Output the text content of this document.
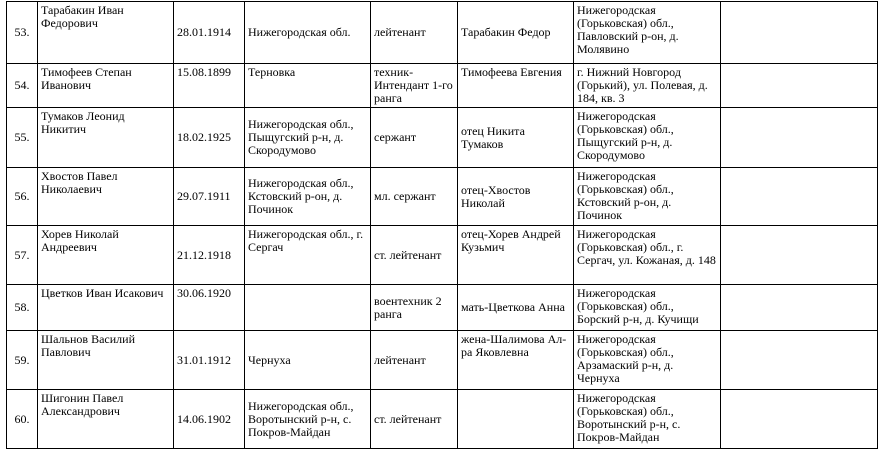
53.	Тарабакин Иван Федорович	28.01.1914	Нижегородская обл.	лейтенант	Тарабакин Федор	Нижегородская (Горьковская) обл., Павловский р-он, д. Молявино	
54.	Тимофеев Степан Иванович	15.08.1899	Терновка	техник-Интендант 1-го ранга	Тимофеева Евгения	г. Нижний Новгород (Горький), ул. Полевая, д. 184, кв. 3	
55.	Тумаков Леонид Никитич	18.02.1925	Нижегородская обл., Пыщугский р-н, д. Скородумово	сержант	отец Никита Тумаков	Нижегородская (Горьковская) обл., Пыщугский р-н, д. Скородумово	
56.	Хвостов Павел Николаевич	29.07.1911	Нижегородская обл., Кстовский р-он, д. Починок	мл. сержант	отец-Хвостов Николай	Нижегородская (Горьковская) обл., Кстовский р-он, д. Починок	
57.	Хорев Николай Андреевич	21.12.1918	Нижегородская обл., г. Сергач	ст. лейтенант	отец-Хорев Андрей Кузьмич	Нижегородская (Горьковская) обл., г. Сергач, ул. Кожаная, д. 148	
58.	Цветков Иван Исакович	30.06.1920		воентехник 2 ранга	мать-Цветкова Анна	Нижегородская (Горьковская) обл., Борский р-н, д. Кучищи	
59.	Шальнов Василий Павлович	31.01.1912	Чернуха	лейтенант	жена-Шалимова Ал-ра Яковлевна	Нижегородская (Горьковская) обл., Арзамаский р-н, д. Чернуха	
60.	Шигонин Павел Александрович	14.06.1902	Нижегородская обл., Воротынский р-н, с. Покров-Майдан	ст. лейтенант		Нижегородская (Горьковская) обл., Воротынский р-н, с. Покров-Майдан	
